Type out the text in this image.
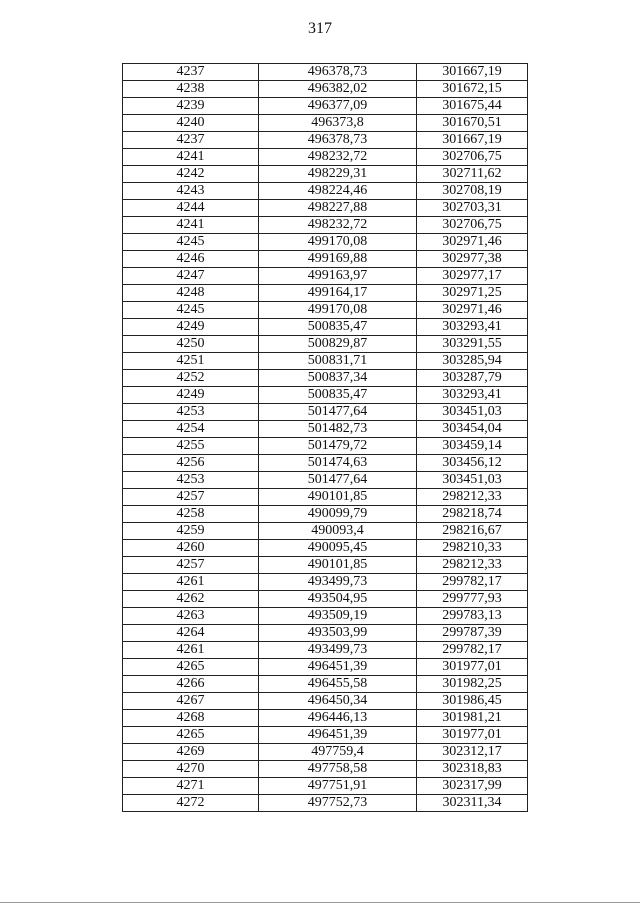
317
4237	496378,73	301667,19
4238	496382,02	301672,15
4239	496377,09	301675,44
4240	496373,8	301670,51
4237	496378,73	301667,19
4241	498232,72	302706,75
4242	498229,31	302711,62
4243	498224,46	302708,19
4244	498227,88	302703,31
4241	498232,72	302706,75
4245	499170,08	302971,46
4246	499169,88	302977,38
4247	499163,97	302977,17
4248	499164,17	302971,25
4245	499170,08	302971,46
4249	500835,47	303293,41
4250	500829,87	303291,55
4251	500831,71	303285,94
4252	500837,34	303287,79
4249	500835,47	303293,41
4253	501477,64	303451,03
4254	501482,73	303454,04
4255	501479,72	303459,14
4256	501474,63	303456,12
4253	501477,64	303451,03
4257	490101,85	298212,33
4258	490099,79	298218,74
4259	490093,4	298216,67
4260	490095,45	298210,33
4257	490101,85	298212,33
4261	493499,73	299782,17
4262	493504,95	299777,93
4263	493509,19	299783,13
4264	493503,99	299787,39
4261	493499,73	299782,17
4265	496451,39	301977,01
4266	496455,58	301982,25
4267	496450,34	301986,45
4268	496446,13	301981,21
4265	496451,39	301977,01
4269	497759,4	302312,17
4270	497758,58	302318,83
4271	497751,91	302317,99
4272	497752,73	302311,34
